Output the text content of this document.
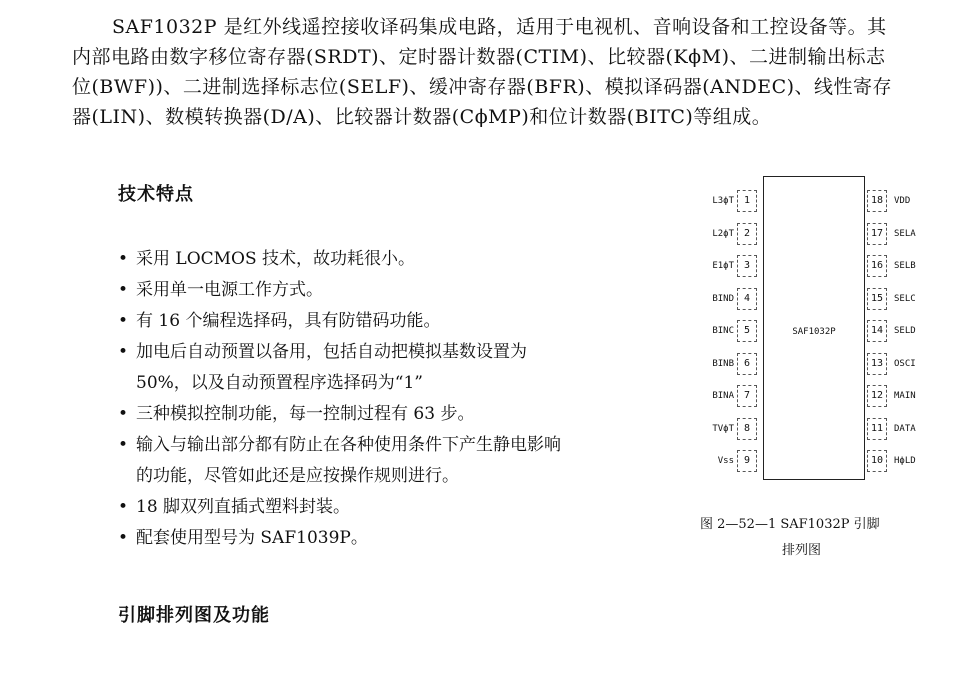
SAF1032P 是红外线遥控接收译码集成电路，适用于电视机、音响设备和工控设备等。其
内部电路由数字移位寄存器(SRDT)、定时器计数器(CTIM)、比较器(KϕM)、二进制输出标志
位(BWF))、二进制选择标志位(SELF)、缓冲寄存器(BFR)、模拟译码器(ANDEC)、线性寄存
器(LIN)、数模转换器(D/A)、比较器计数器(CϕMP)和位计数器(BITC)等组成。
技术特点
• 采用 LOCMOS 技术，故功耗很小。
• 采用单一电源工作方式。
• 有 16 个编程选择码，具有防错码功能。
• 加电后自动预置以备用，包括自动把模拟基数设置为
50%，以及自动预置程序选择码为“1”
• 三种模拟控制功能，每一控制过程有 63 步。
• 输入与输出部分都有防止在各种使用条件下产生静电影响
的功能，尽管如此还是应按操作规则进行。
• 18 脚双列直插式塑料封装。
• 配套使用型号为 SAF1039P。
引脚排列图及功能
SAF1032P
1
L3ϕT
2
L2ϕT
3
E1ϕT
4
BIND
5
BINC
6
BINB
7
BINA
8
TVϕT
9
Vss
18	VDD
17	SELA
16	SELB
15	SELC
14	SELD
13	OSCI
12	MAIN
11	DATA
10	HϕLD
图 2—52—1 SAF1032P 引脚
排列图
